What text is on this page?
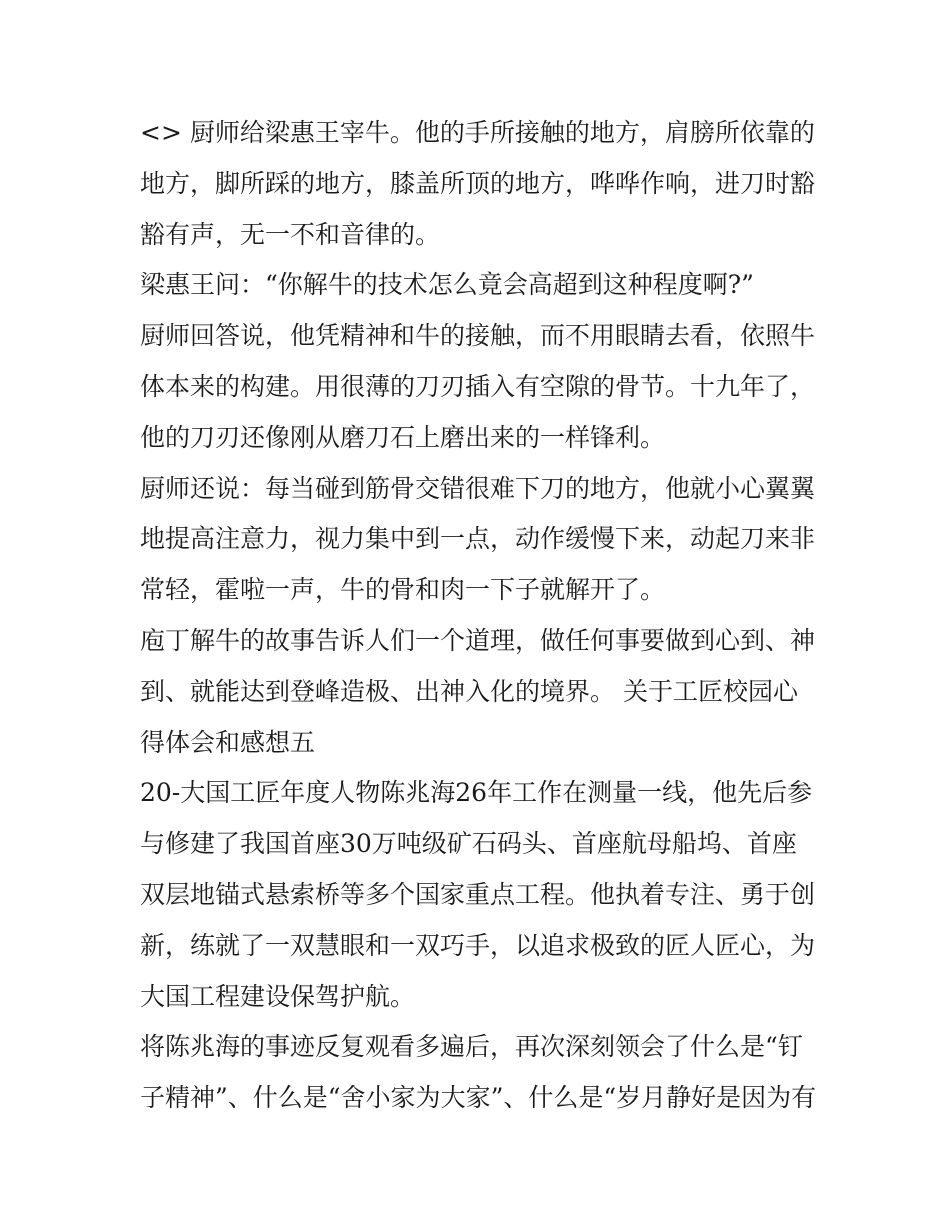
<> 厨师给梁惠王宰牛。他的手所接触的地方，肩膀所依靠的地方，脚所踩的地方，膝盖所顶的地方，哗哗作响，进刀时豁豁有声，无一不和音律的。

梁惠王问：“你解牛的技术怎么竟会高超到这种程度啊?”

厨师回答说，他凭精神和牛的接触，而不用眼睛去看，依照牛体本来的构建。用很薄的刀刃插入有空隙的骨节。十九年了，他的刀刃还像刚从磨刀石上磨出来的一样锋利。

厨师还说：每当碰到筋骨交错很难下刀的地方，他就小心翼翼地提高注意力，视力集中到一点，动作缓慢下来，动起刀来非常轻，霍啦一声，牛的骨和肉一下子就解开了。

庖丁解牛的故事告诉人们一个道理，做任何事要做到心到、神到、就能达到登峰造极、出神入化的境界。 关于工匠校园心得体会和感想五

20-大国工匠年度人物陈兆海26年工作在测量一线，他先后参与修建了我国首座30万吨级矿石码头、首座航母船坞、首座双层地锚式悬索桥等多个国家重点工程。他执着专注、勇于创新，练就了一双慧眼和一双巧手，以追求极致的匠人匠心，为大国工程建设保驾护航。

将陈兆海的事迹反复观看多遍后，再次深刻领会了什么是“钉子精神”、什么是“舍小家为大家”、什么是“岁月静好是因为有
